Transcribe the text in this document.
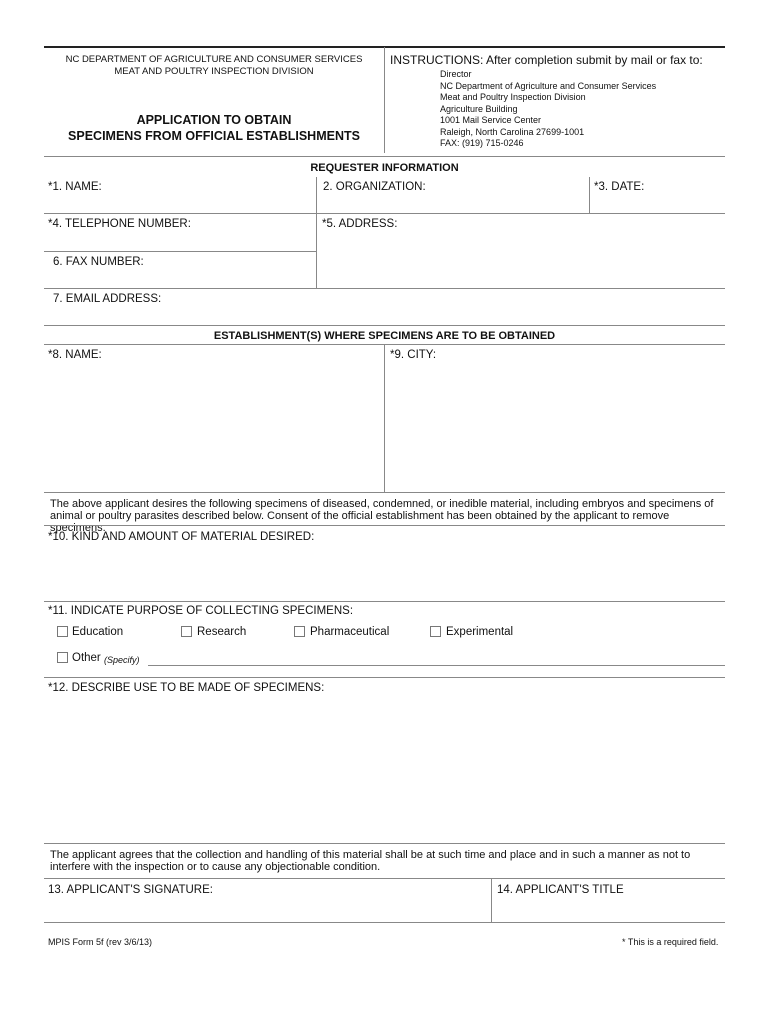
NC DEPARTMENT OF AGRICULTURE AND CONSUMER SERVICES
MEAT AND POULTRY INSPECTION DIVISION
APPLICATION TO OBTAIN
SPECIMENS FROM OFFICIAL ESTABLISHMENTS
INSTRUCTIONS: After completion submit by mail or fax to:
Director
NC Department of Agriculture and Consumer Services
Meat and Poultry Inspection Division
Agriculture Building
1001 Mail Service Center
Raleigh, North Carolina 27699-1001
FAX: (919) 715-0246
REQUESTER INFORMATION
*1. NAME:	2. ORGANIZATION:	*3. DATE:
*4. TELEPHONE NUMBER:	*5. ADDRESS:
6. FAX NUMBER:
7. EMAIL ADDRESS:
ESTABLISHMENT(S) WHERE SPECIMENS ARE TO BE OBTAINED
*8. NAME:	*9. CITY:
The above applicant desires the following specimens of diseased, condemned, or inedible material, including embryos and specimens of animal or poultry parasites described below. Consent of the official establishment has been obtained by the applicant to remove specimens.
*10. KIND AND AMOUNT OF MATERIAL DESIRED:
*11. INDICATE PURPOSE OF COLLECTING SPECIMENS:
Education	Research	Pharmaceutical	Experimental
Other (Specify)
*12. DESCRIBE USE TO BE MADE OF SPECIMENS:
The applicant agrees that the collection and handling of this material shall be at such time and place and in such a manner as not to interfere with the inspection or to cause any objectionable condition.
13. APPLICANT'S SIGNATURE:	14. APPLICANT'S TITLE
MPIS Form 5f (rev 3/6/13)	* This is a required field.
